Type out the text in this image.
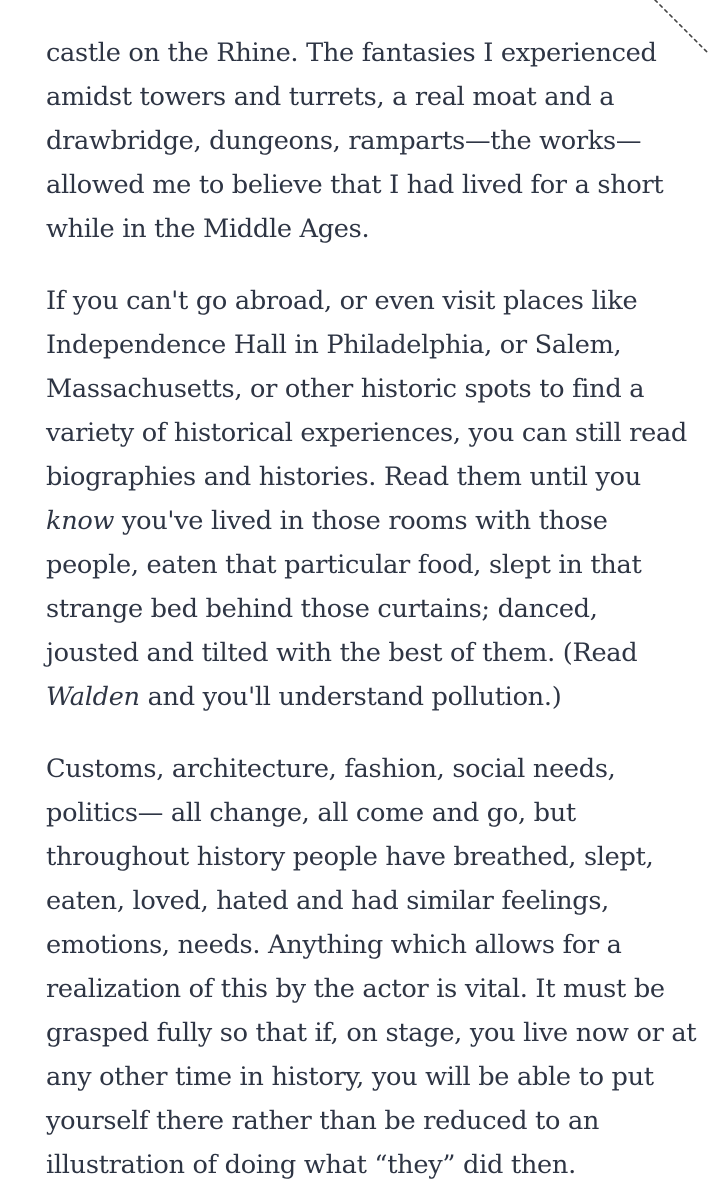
castle on the Rhine. The fantasies I experienced
amidst towers and turrets, a real moat and a
drawbridge, dungeons, ramparts—the works—
allowed me to believe that I had lived for a short
while in the Middle Ages.

If you can't go abroad, or even visit places like
Independence Hall in Philadelphia, or Salem,
Massachusetts, or other historic spots to find a
variety of historical experiences, you can still read
biographies and histories. Read them until you
know you've lived in those rooms with those
people, eaten that particular food, slept in that
strange bed behind those curtains; danced,
jousted and tilted with the best of them. (Read
Walden and you'll understand pollution.)

Customs, architecture, fashion, social needs,
politics— all change, all come and go, but
throughout history people have breathed, slept,
eaten, loved, hated and had similar feelings,
emotions, needs. Anything which allows for a
realization of this by the actor is vital. It must be
grasped fully so that if, on stage, you live now or at
any other time in history, you will be able to put
yourself there rather than be reduced to an
illustration of doing what “they” did then.
